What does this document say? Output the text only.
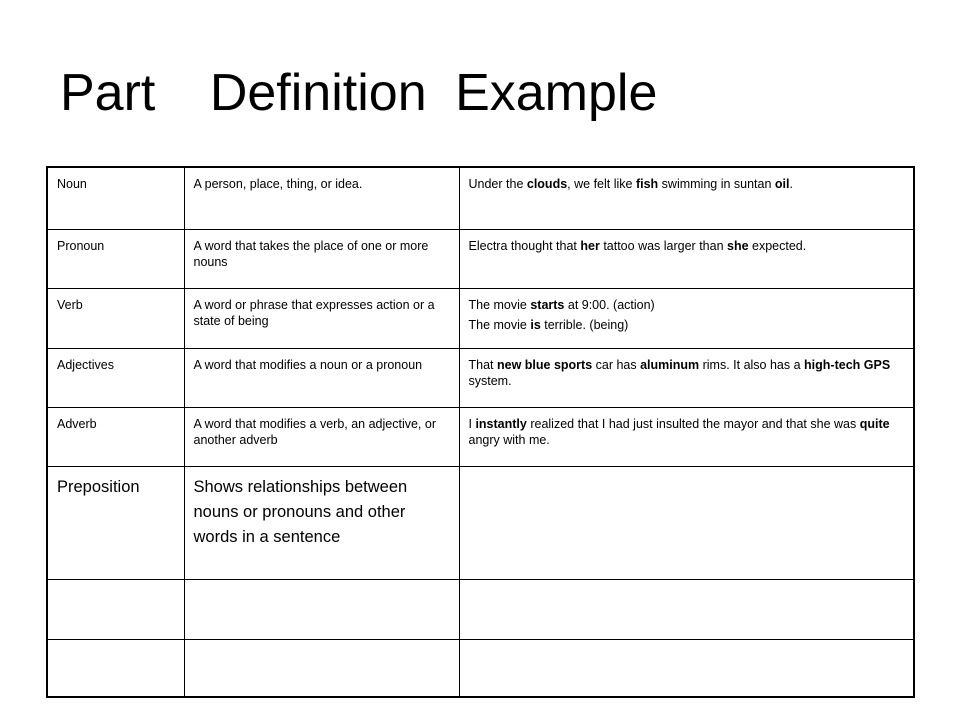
Part Definition Example
Noun	A person, place, thing, or idea.	Under the clouds, we felt like fish swimming in suntan oil.

Pronoun	A word that takes the place of one or more nouns	Electra thought that her tattoo was larger than she expected.

Verb	A word or phrase that expresses action or a state of being	The movie starts at 9:00. (action)
The movie is terrible. (being)

Adjectives	A word that modifies a noun or a pronoun	That new blue sports car has aluminum rims. It also has a high-tech GPS system.

Adverb	A word that modifies a verb, an adjective, or another adverb	I instantly realized that I had just insulted the mayor and that she was quite angry with me.

Preposition	Shows relationships between nouns or pronouns and other words in a sentence	
